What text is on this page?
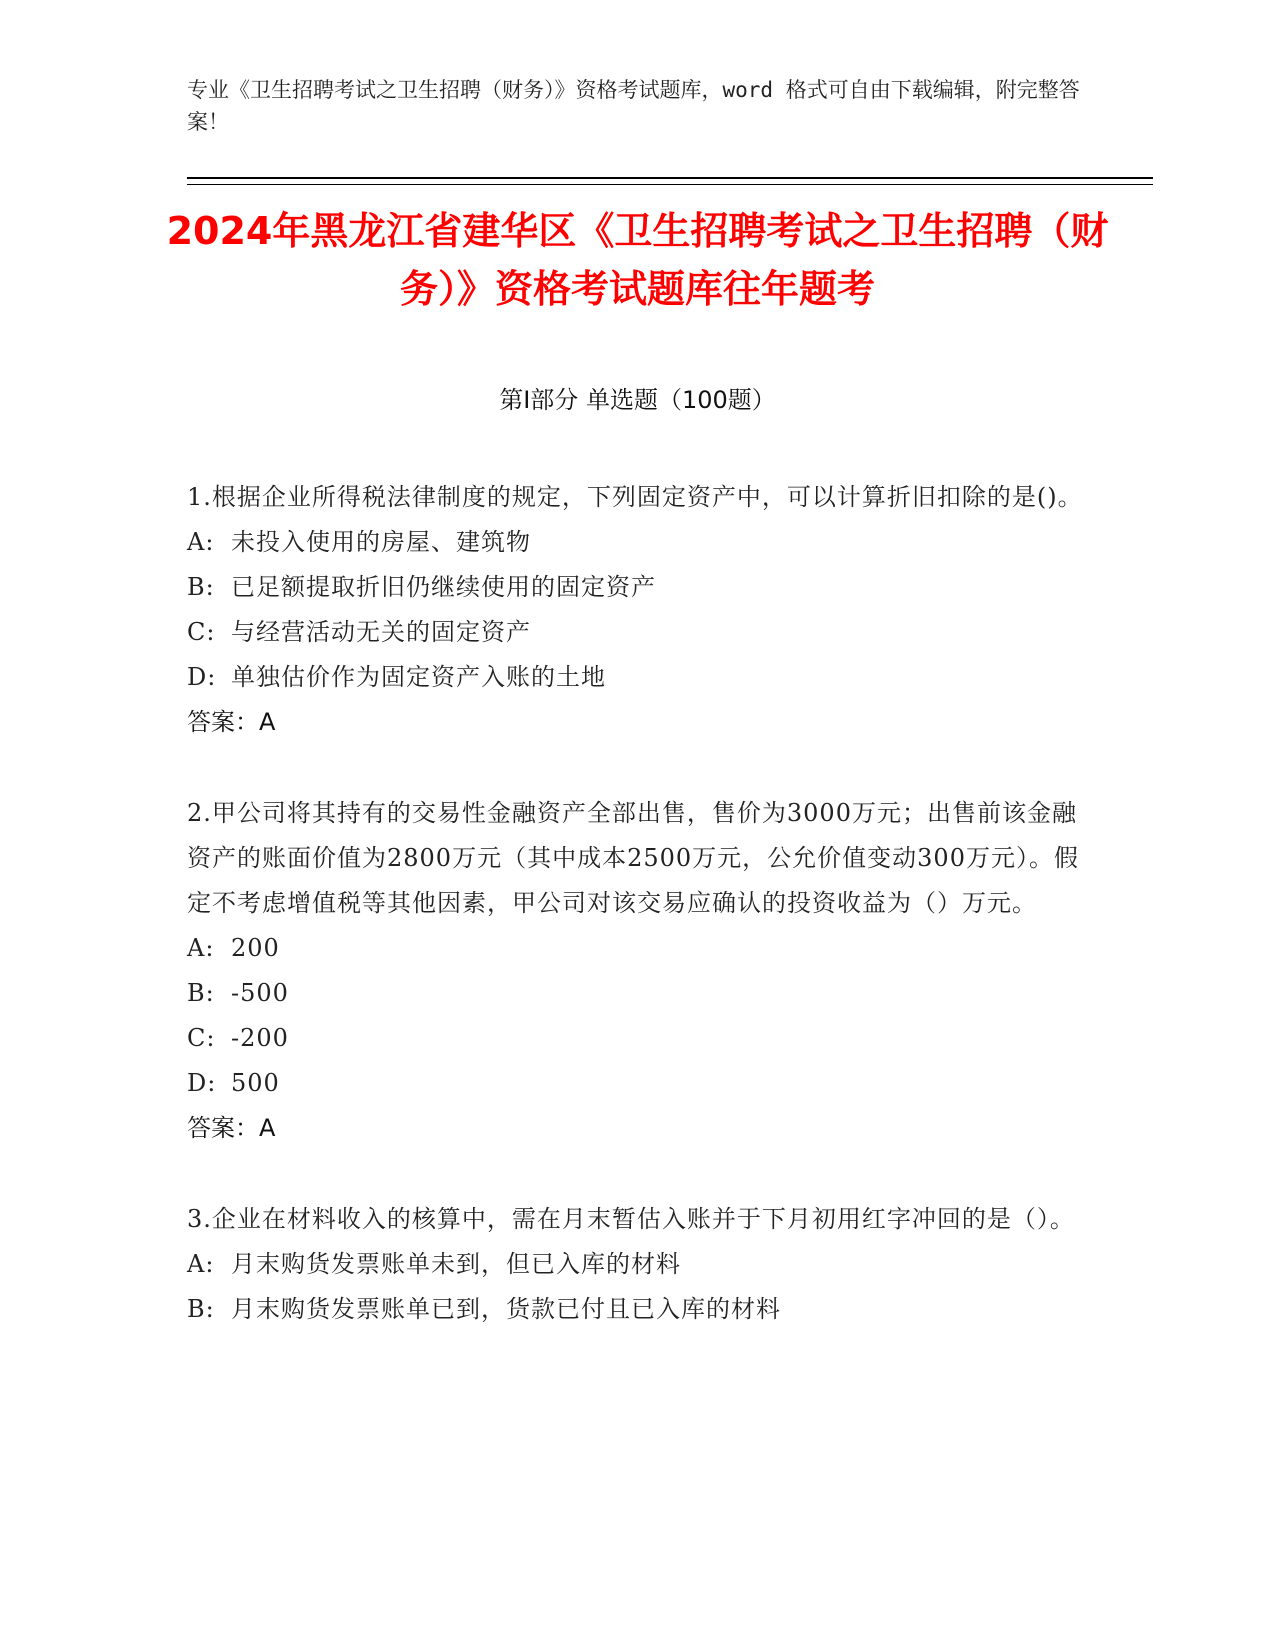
专业《卫生招聘考试之卫生招聘（财务）》资格考试题库，word 格式可自由下载编辑，附完整答案！
2024年黑龙江省建华区《卫生招聘考试之卫生招聘（财务）》资格考试题库往年题考
第Ⅰ部分 单选题（100题）
1.根据企业所得税法律制度的规定，下列固定资产中，可以计算折旧扣除的是()。
A: 未投入使用的房屋、建筑物
B: 已足额提取折旧仍继续使用的固定资产
C: 与经营活动无关的固定资产
D: 单独估价作为固定资产入账的土地
答案：A
2.甲公司将其持有的交易性金融资产全部出售，售价为3000万元；出售前该金融资产的账面价值为2800万元（其中成本2500万元，公允价值变动300万元）。假定不考虑增值税等其他因素，甲公司对该交易应确认的投资收益为（）万元。
A: 200
B: -500
C: -200
D: 500
答案：A
3.企业在材料收入的核算中，需在月末暂估入账并于下月初用红字冲回的是（）。
A: 月末购货发票账单未到，但已入库的材料
B: 月末购货发票账单已到，货款已付且已入库的材料
